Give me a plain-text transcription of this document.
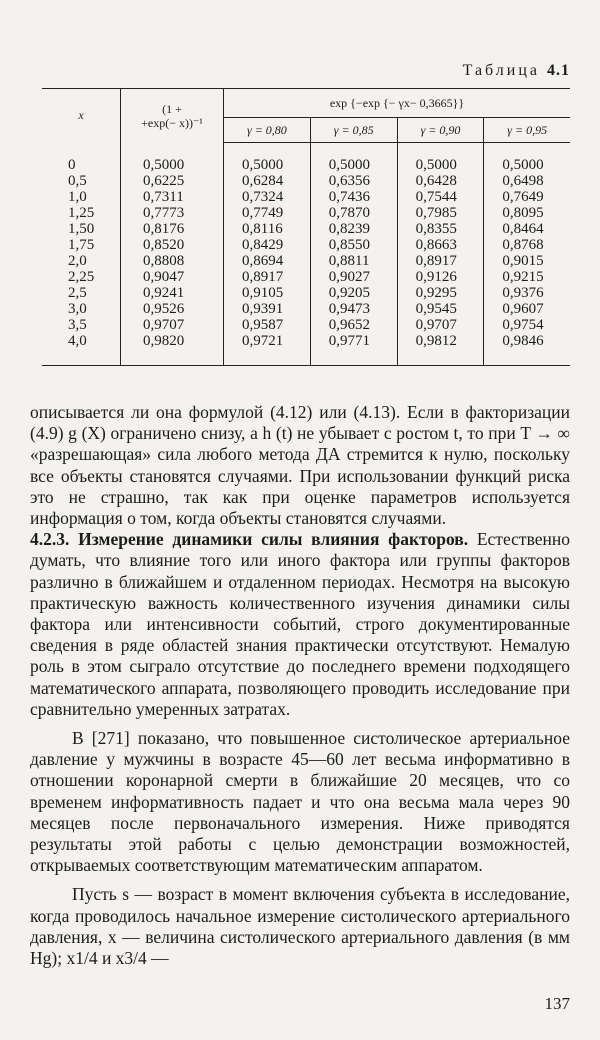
Таблица 4.1
x	(1 +
+exp(− x))⁻¹	exp {−exp {− γx− 0,3665}}			
		γ = 0,80	γ = 0,85	γ = 0,90	γ = 0,95
0	0,5000	0,5000	0,5000	0,5000	0,5000
0,5	0,6225	0,6284	0,6356	0,6428	0,6498
1,0	0,7311	0,7324	0,7436	0,7544	0,7649
1,25	0,7773	0,7749	0,7870	0,7985	0,8095
1,50	0,8176	0,8116	0,8239	0,8355	0,8464
1,75	0,8520	0,8429	0,8550	0,8663	0,8768
2,0	0,8808	0,8694	0,8811	0,8917	0,9015
2,25	0,9047	0,8917	0,9027	0,9126	0,9215
2,5	0,9241	0,9105	0,9205	0,9295	0,9376
3,0	0,9526	0,9391	0,9473	0,9545	0,9607
3,5	0,9707	0,9587	0,9652	0,9707	0,9754
4,0	0,9820	0,9721	0,9771	0,9812	0,9846

описывается ли она формулой (4.12) или (4.13). Если в факторизации (4.9) g (X) ограничено снизу, а h (t) не убывает с ростом t, то при T → ∞ «разрешающая» сила любого метода ДА стремится к нулю, поскольку все объекты становятся случаями. При использовании функций риска это не страшно, так как при оценке параметров используется информация о том, когда объекты становятся случаями.

4.2.3. Измерение динамики силы влияния факторов. Естественно думать, что влияние того или иного фактора или группы факторов различно в ближайшем и отдаленном периодах. Несмотря на высокую практическую важность количественного изучения динамики силы фактора или интенсивности событий, строго документированные сведения в ряде областей знания практически отсутствуют. Немалую роль в этом сыграло отсутствие до последнего времени подходящего математического аппарата, позволяющего проводить исследование при сравнительно умеренных затратах.

В [271] показано, что повышенное систолическое артериальное давление у мужчины в возрасте 45—60 лет весьма информативно в отношении коронарной смерти в ближайшие 20 месяцев, что со временем информативность падает и что она весьма мала через 90 месяцев после первоначального измерения. Ниже приводятся результаты этой работы с целью демонстрации возможностей, открываемых соответствующим математическим аппаратом.

Пусть s — возраст в момент включения субъекта в исследование, когда проводилось начальное измерение систолического артериального давления, x — величина систолического артериального давления (в мм Hg); x1/4 и x3/4 —

137
